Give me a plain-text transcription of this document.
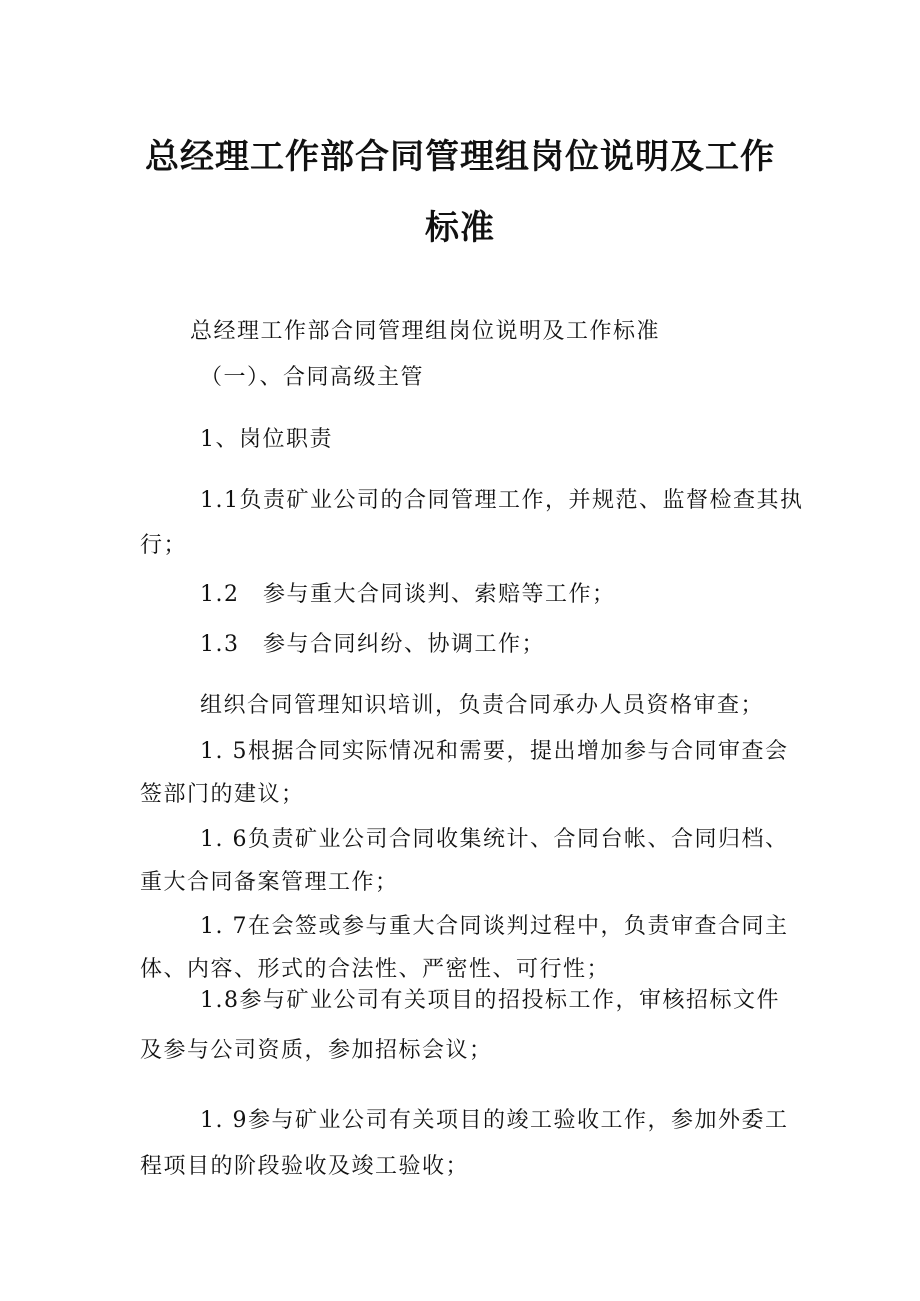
总经理工作部合同管理组岗位说明及工作
标准
总经理工作部合同管理组岗位说明及工作标准
（一）、合同高级主管
1、岗位职责
1.1负责矿业公司的合同管理工作，并规范、监督检查其执
行；
1.2　参与重大合同谈判、索赔等工作；
1.3　参与合同纠纷、协调工作；
组织合同管理知识培训，负责合同承办人员资格审查；
1. 5根据合同实际情况和需要，提出增加参与合同审查会
签部门的建议；
1. 6负责矿业公司合同收集统计、合同台帐、合同归档、
重大合同备案管理工作；
1. 7在会签或参与重大合同谈判过程中，负责审查合同主
体、内容、形式的合法性、严密性、可行性；
1.8参与矿业公司有关项目的招投标工作，审核招标文件
及参与公司资质，参加招标会议；
1. 9参与矿业公司有关项目的竣工验收工作，参加外委工
程项目的阶段验收及竣工验收；
